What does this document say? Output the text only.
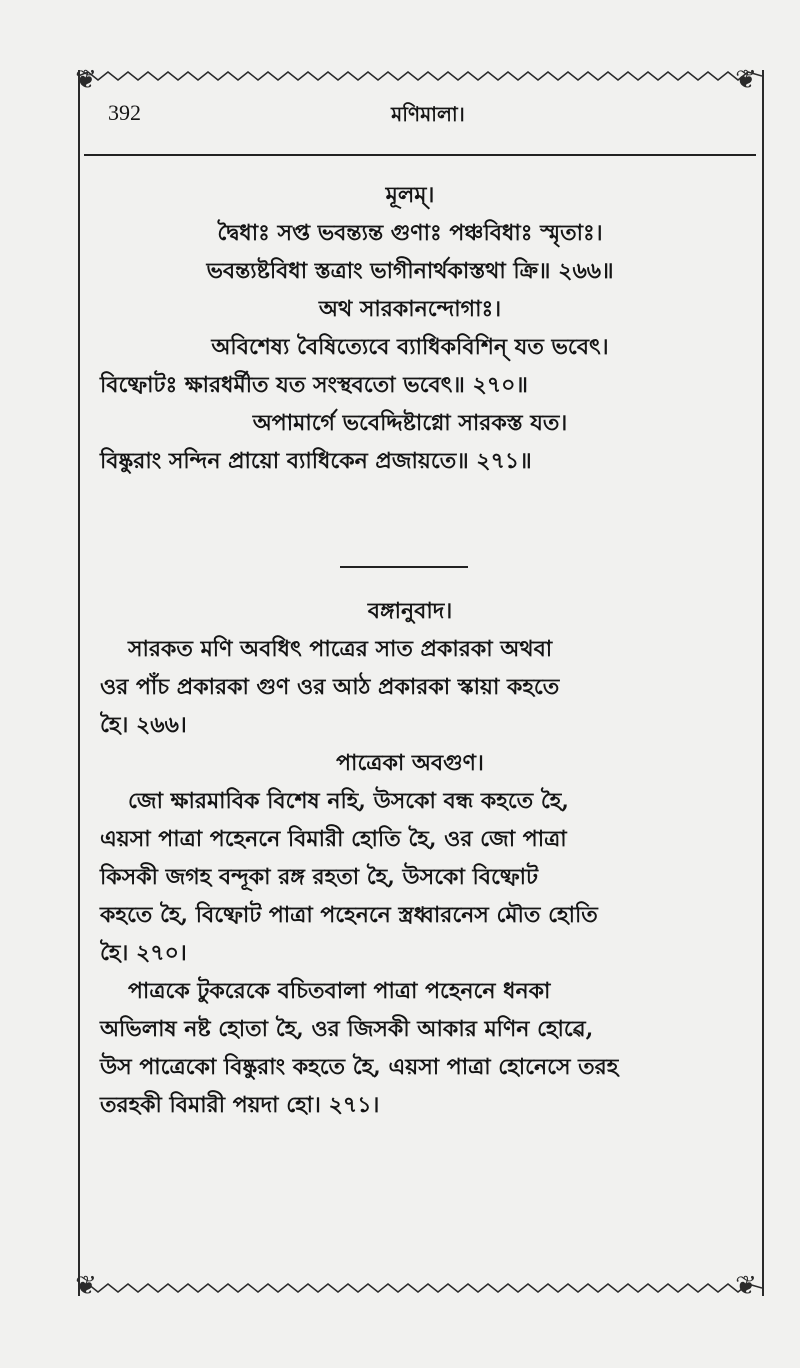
❦	❦
❦	❦
392	মণিমালা।

মূলম্।

দ্বৈধাঃ সপ্ত ভবন্ত্যন্ত গুণাঃ পঞ্চবিধাঃ স্মৃতাঃ।

ভবন্ত্যষ্টবিধা স্তত্রাং ভাগীনার্থকাস্তথা ক্রি॥ ২৬৬॥

অথ সারকানন্দোগাঃ।

অবিশেষ্য বৈষিত্যেবে ব্যাধিকবিশিন্ যত ভবেৎ।

বিষ্ফোটঃ ক্ষারধর্মীত যত সংস্থবতো ভবেৎ॥ ২৭০॥

অপামার্গে ভবেদ্দিষ্টাগ্নো সারকস্ত যত।

বিষ্কুরাং সন্দিন প্রায়ো ব্যাধিকেন প্রজায়তে॥ ২৭১॥

বঙ্গানুবাদ।

সারকত মণি অবধিৎ পাত্রের সাত প্রকারকা অথবা

ওর পাঁচ প্রকারকা গুণ ওর আঠ প্রকারকা স্কায়া কহতে

হৈ। ২৬৬।

পাত্রেকা অবগুণ।

জো ক্ষারমাবিক বিশেষ নহি, উসকো বন্ধ কহতে হৈ,

এয়সা পাত্রা পহেননে বিমারী হোতি হৈ, ওর জো পাত্রা

কিসকী জগহ বন্দূকা রঙ্গ রহতা হৈ, উসকো বিষ্ফোট

কহতে হৈ, বিষ্ফোট পাত্রা পহেননে স্ত্রধ্বারনেস মৌত হোতি

হৈ। ২৭০।

পাত্রকে টুকরেকে বচিতবালা পাত্রা পহেননে ধনকা

অভিলাষ নষ্ট হোতা হৈ, ওর জিসকী আকার মণিন হোৱে,

উস পাত্রেকো বিষ্কুরাং কহতে হৈ, এয়সা পাত্রা হোনেসে তরহ

তরহকী বিমারী পয়দা হো। ২৭১।
